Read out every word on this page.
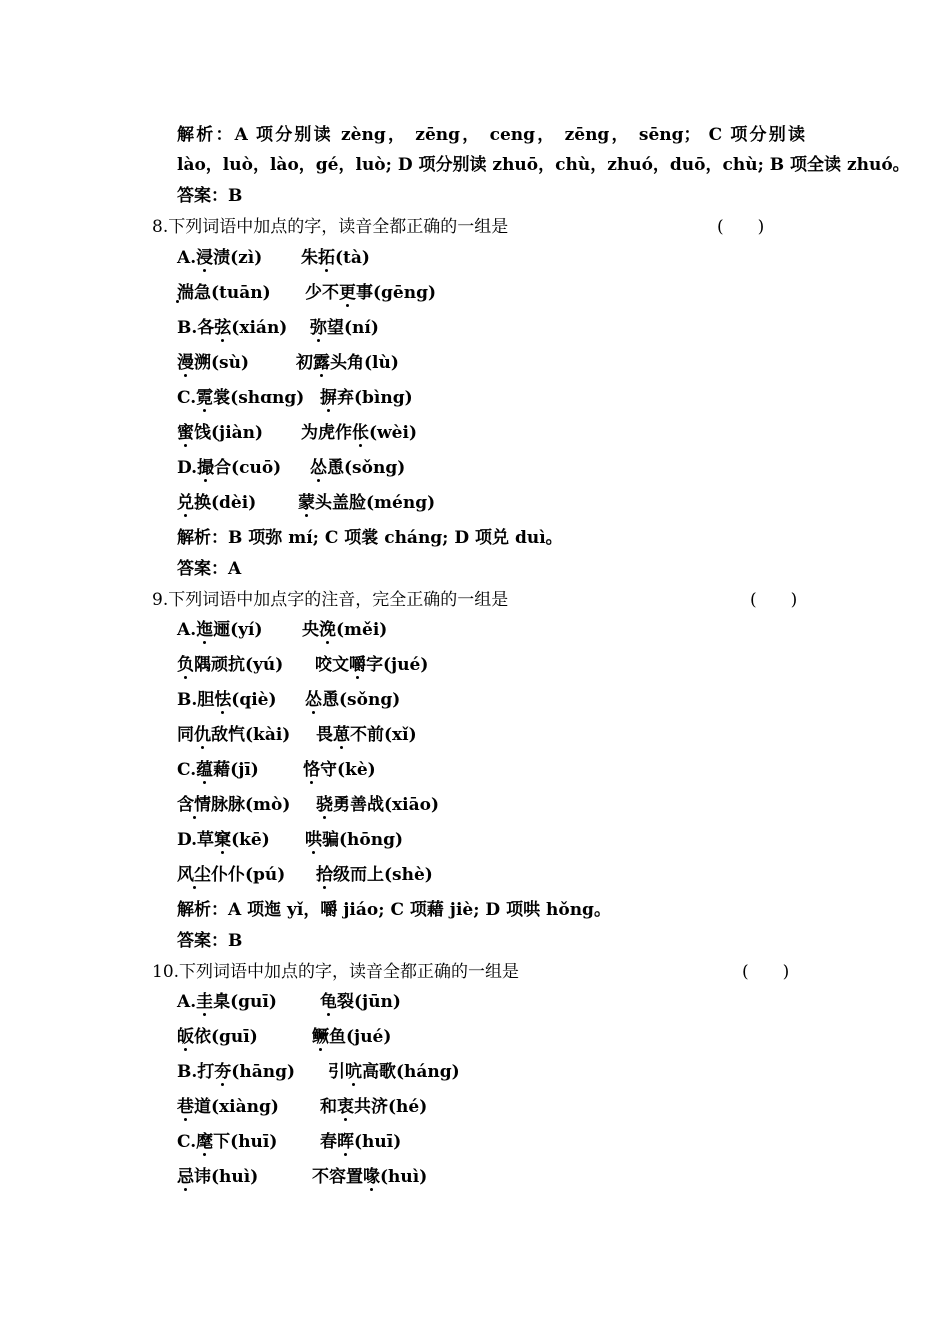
解析：A 项分别读 zèng， zēng， ceng， zēng， sēng； C 项分别读
lào，luò，lào，gé，luò; D 项分别读 zhuō，chù，zhuó，duō，chù; B 项全读 zhuó。
答案：B
8.下列词语中加点的字，读音全都正确的一组是	(　　)
A.浸渍(zì) 朱拓(tà)
湍急(tuān) 少不更事(gēng)
B.各弦(xián) 弥望(ní)
漫溯(sù)	初露头角(lù)
C.霓裳(shɑng) 摒弃(bìng)
蜜饯(jiàn) 为虎作伥(wèi)
D.撮合(cuō) 怂恿(sǒng)
兑换(dèi) 蒙头盖脸(méng)
解析：B 项弥 mí; C 项裳 cháng; D 项兑 duì。
答案：A
9.下列词语中加点字的注音，完全正确的一组是	(　　)
A.迤逦(yí) 央浼(měi)
负隅顽抗(yú) 咬文嚼字(jué)
B.胆怯(qiè) 怂恿(sǒng)
同仇敌忾(kài) 畏葸不前(xǐ)
C.蕴藉(jī)	恪守(kè)
含情脉脉(mò) 骁勇善战(xiāo)
D.草窠(kē) 哄骗(hōng)
风尘仆仆(pú) 拾级而上(shè)
解析：A 项迤 yǐ，嚼 jiáo; C 项藉 jiè; D 项哄 hǒng。
答案：B
10.下列词语中加点的字，读音全都正确的一组是	(　　)
A.圭臬(guī)	龟裂(jūn)
皈依(guī)	鳜鱼(jué)
B.打夯(hāng) 引吭高歌(háng)
巷道(xiàng) 和衷共济(hé)
C.麾下(huī)	春晖(huī)
忌讳(huì)	不容置喙(huì)
